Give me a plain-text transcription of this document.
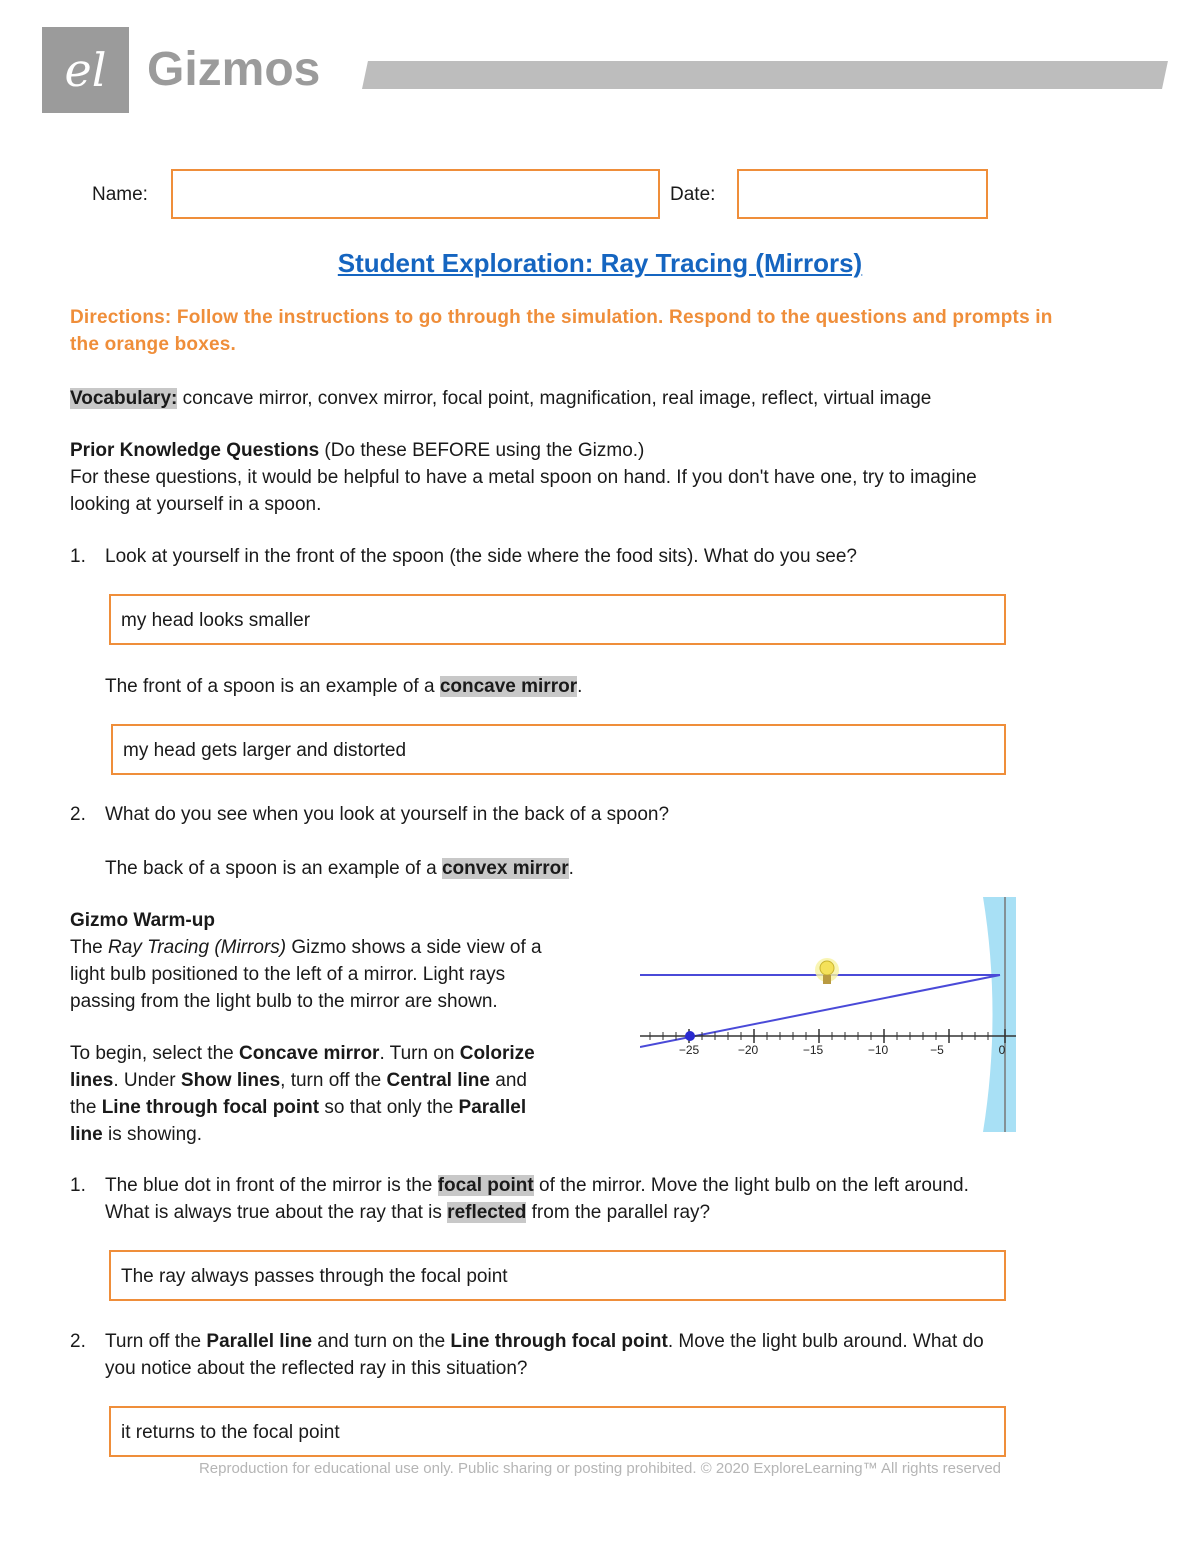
el Gizmos
Name:	Date:
Student Exploration: Ray Tracing (Mirrors)
Directions: Follow the instructions to go through the simulation. Respond to the questions and prompts in the orange boxes.
Vocabulary: concave mirror, convex mirror, focal point, magnification, real image, reflect, virtual image
Prior Knowledge Questions (Do these BEFORE using the Gizmo.)
For these questions, it would be helpful to have a metal spoon on hand. If you don't have one, try to imagine
looking at yourself in a spoon.
1. Look at yourself in the front of the spoon (the side where the food sits). What do you see?
my head looks smaller
The front of a spoon is an example of a concave mirror.
my head gets larger and distorted
2. What do you see when you look at yourself in the back of a spoon?
The back of a spoon is an example of a convex mirror.
Gizmo Warm-up
The Ray Tracing (Mirrors) Gizmo shows a side view of a
light bulb positioned to the left of a mirror. Light rays
passing from the light bulb to the mirror are shown.
To begin, select the Concave mirror. Turn on Colorize
lines. Under Show lines, turn off the Central line and
the Line through focal point so that only the Parallel
line is showing.
−25	−20	−15	−10	−5	0
1. The blue dot in front of the mirror is the focal point of the mirror. Move the light bulb on the left around.
What is always true about the ray that is reflected from the parallel ray?
The ray always passes through the focal point
2. Turn off the Parallel line and turn on the Line through focal point. Move the light bulb around. What do
you notice about the reflected ray in this situation?
it returns to the focal point
Reproduction for educational use only. Public sharing or posting prohibited. © 2020 ExploreLearning™ All rights reserved
